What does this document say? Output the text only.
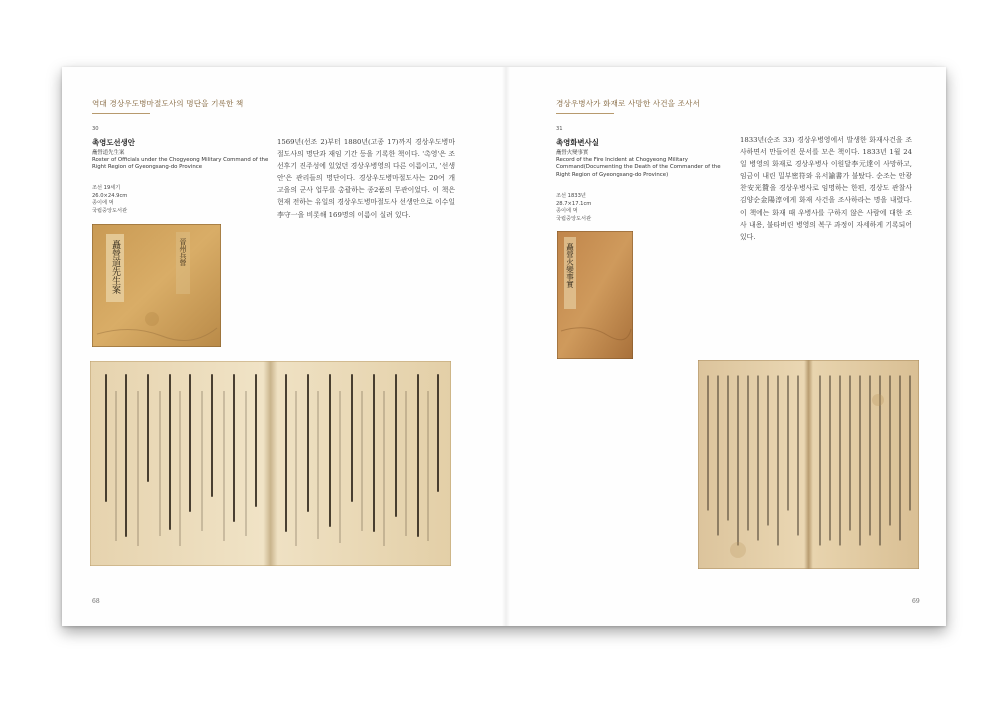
역대 경상우도병마절도사의 명단을 기록한 책
30
촉영도선생안
矗營道先生案
Roster of Officials under the Chogyeong Military Command of the Right Region of Gyeongsang-do Province
조선 19세기
26.0×24.9cm
종이에 먹
국립중앙도서관
1569년(선조 2)부터 1880년(고종 17)까지 경상우도병마절도사의 명단과 재임 기간 등을 기록한 책이다. '촉영'은 조선후기 진주성에 있었던 경상우병영의 다른 이름이고, '선생안'은 관리들의 명단이다. 경상우도병마절도사는 20여 개 고을의 군사 업무를 총괄하는 종2품의 무관이었다. 이 책은 현재 전하는 유일의 경상우도병마절도사 선생안으로 이수일李守一을 비롯해 169명의 이름이 실려 있다.
矗營道先生案	晉州兵營
68
경상우병사가 화재로 사망한 사건을 조사서
31
촉영화변사실
矗營火變事實
Record of the Fire Incident at Chogyeong Military Command(Documenting the Death of the Commander of the Right Region of Gyeongsang-do Province)
조선 1833년
28.7×17.1cm
종이에 먹
국립중앙도서관
1833년(순조 33) 경상우병영에서 발생한 화재사건을 조사하면서 만들어진 문서를 모은 책이다. 1833년 1월 24일 병영의 화재로 경상우병사 이원달李元達이 사망하고, 임금이 내린 밀부密符와 유서諭書가 불탔다. 순조는 안광찬安光贊을 경상우병사로 임명하는 한편, 경상도 관찰사 김양순金陽淳에게 화재 사건을 조사하라는 명을 내렸다. 이 책에는 화재 때 우병사를 구하지 않은 사람에 대한 조사 내용, 불타버린 병영의 복구 과정이 자세하게 기록되어 있다.
矗營火變事實
69
